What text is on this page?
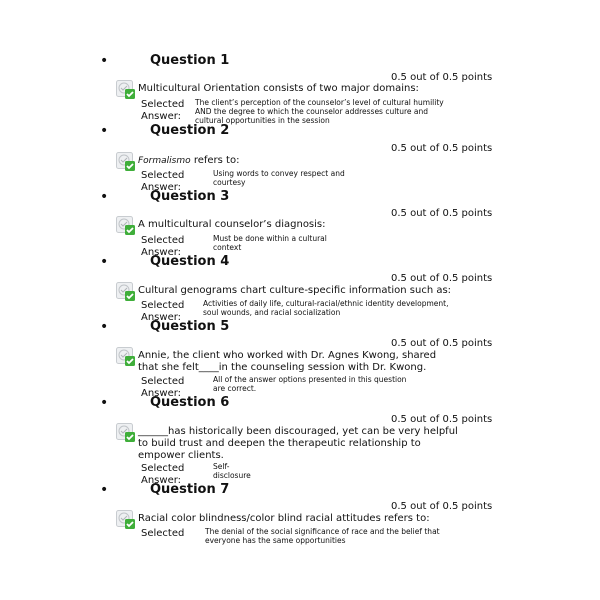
•	Question 1
0.5 out of 0.5 points
Multicultural Orientation consists of two major domains:
Selected
Answer:
The client’s perception of the counselor’s level of cultural humility AND the degree to which the counselor addresses culture and cultural opportunities in the session
•	Question 2
0.5 out of 0.5 points
Formalismo refers to:
Selected
Answer:
Using words to convey respect and courtesy
•	Question 3
0.5 out of 0.5 points
A multicultural counselor’s diagnosis:
Selected
Answer:
Must be done within a cultural context
•	Question 4
0.5 out of 0.5 points
Cultural genograms chart culture-specific information such as:
Selected
Answer:
Activities of daily life, cultural-racial/ethnic identity development, soul wounds, and racial socialization
•	Question 5
0.5 out of 0.5 points
Annie, the client who worked with Dr. Agnes Kwong, shared that she felt____in the counseling session with Dr. Kwong.
Selected
Answer:
All of the answer options presented in this question are correct.
•	Question 6
0.5 out of 0.5 points
______has historically been discouraged, yet can be very helpful to build trust and deepen the therapeutic relationship to empower clients.
Selected
Answer:
Self-disclosure
•	Question 7
0.5 out of 0.5 points
Racial color blindness/color blind racial attitudes refers to:
Selected	The denial of the social significance of race and the belief that everyone has the same opportunities
